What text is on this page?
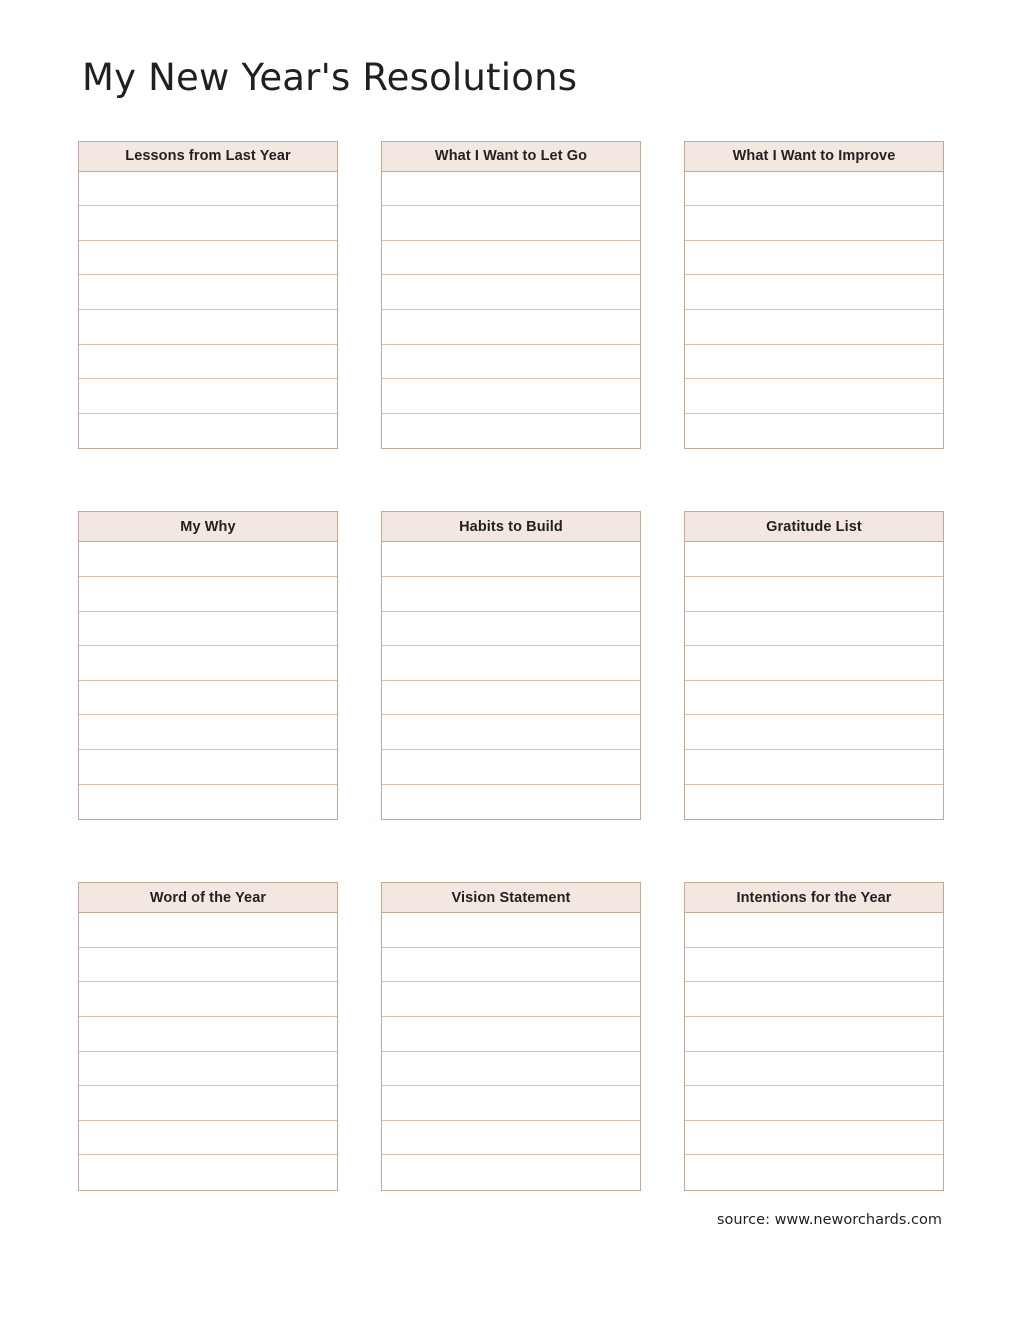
My New Year's Resolutions
Lessons from Last Year	What I Want to Let Go	What I Want to Improve
My Why	Habits to Build	Gratitude List
Word of the Year	Vision Statement	Intentions for the Year
source: www.neworchards.com
